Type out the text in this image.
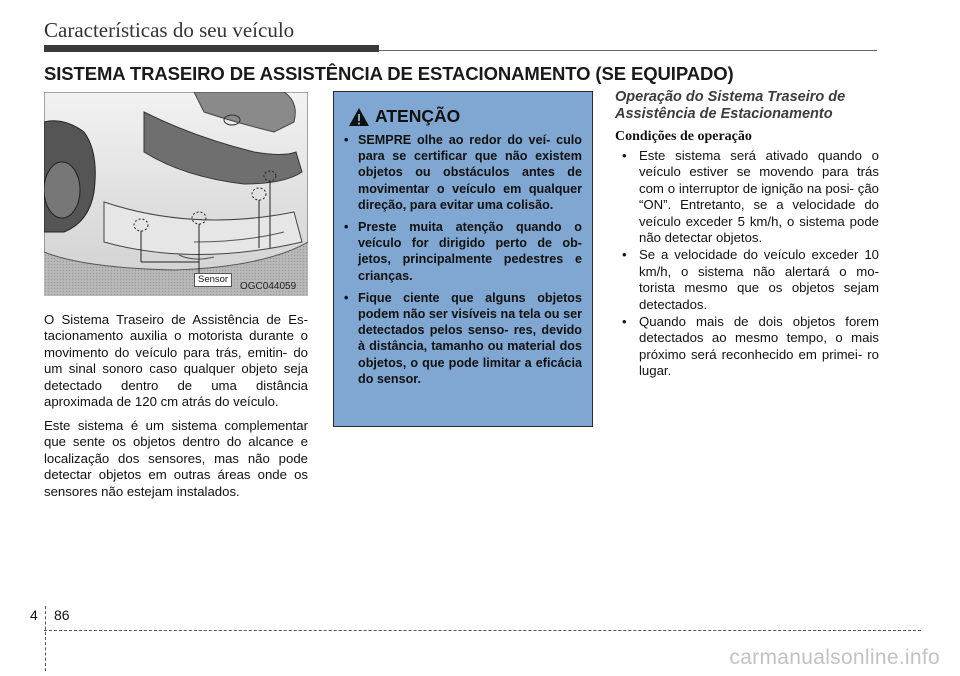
Características do seu veículo
SISTEMA TRASEIRO DE ASSISTÊNCIA DE ESTACIONAMENTO (SE EQUIPADO)
Sensor
OGC044059
O Sistema Traseiro de Assistência de Es- tacionamento auxilia o motorista durante o movimento do veículo para trás, emitin- do um sinal sonoro caso qualquer objeto seja detectado dentro de uma distância aproximada de 120 cm atrás do veículo.
Este sistema é um sistema complementar que sente os objetos dentro do alcance e localização dos sensores, mas não pode detectar objetos em outras áreas onde os sensores não estejam instalados.
ATENÇÃO
• SEMPRE olhe ao redor do veí- culo para se certificar que não existem objetos ou obstáculos antes de movimentar o veículo em qualquer direção, para evitar uma colisão.
• Preste muita atenção quando o veículo for dirigido perto de ob- jetos, principalmente pedestres e crianças.
• Fique ciente que alguns objetos podem não ser visíveis na tela ou ser detectados pelos senso- res, devido à distância, tamanho ou material dos objetos, o que pode limitar a eficácia do sensor.
Operação do Sistema Traseiro de Assistência de Estacionamento
Condições de operação
• Este sistema será ativado quando o veículo estiver se movendo para trás com o interruptor de ignição na posi- ção “ON”. Entretanto, se a velocidade do veículo exceder 5 km/h, o sistema pode não detectar objetos.
• Se a velocidade do veículo exceder 10 km/h, o sistema não alertará o mo- torista mesmo que os objetos sejam detectados.
• Quando mais de dois objetos forem detectados ao mesmo tempo, o mais próximo será reconhecido em primei- ro lugar.
4 86
carmanualsonline.info
